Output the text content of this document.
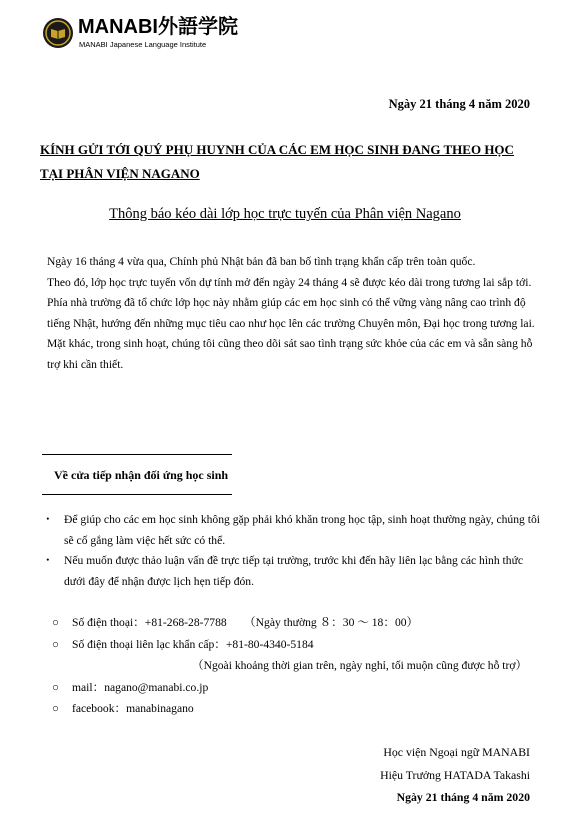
MANABI外語学院
MANABI Japanese Language Institute
Ngày 21 tháng 4 năm 2020
KÍNH GỬI TỚI QUÝ PHỤ HUYNH CỦA CÁC EM HỌC SINH ĐANG THEO HỌC
TẠI PHÂN VIỆN NAGANO
Thông báo kéo dài lớp học trực tuyến của Phân viện Nagano

Ngày 16 tháng 4 vừa qua, Chính phủ Nhật bản đã ban bố tình trạng khẩn cấp trên toàn quốc.

Theo đó, lớp học trực tuyến vốn dự tính mở đến ngày 24 tháng 4 sẽ được kéo dài trong tương lai sắp tới.

Phía nhà trường đã tổ chức lớp học này nhằm giúp các em học sinh có thể vững vàng nâng cao trình độ tiếng Nhật, hướng đến những mục tiêu cao như học lên các trường Chuyên môn, Đại học trong tương lai.

Mặt khác, trong sinh hoạt, chúng tôi cũng theo dõi sát sao tình trạng sức khỏe của các em và sẵn sàng hỗ trợ khi cần thiết.

Về cửa tiếp nhận đối ứng học sinh
・ Để giúp cho các em học sinh không gặp phải khó khăn trong học tập, sinh hoạt thường ngày, chúng tôi sẽ cố gắng làm việc hết sức có thể.
・ Nếu muốn được thảo luận vấn đề trực tiếp tại trường, trước khi đến hãy liên lạc bằng các hình thức dưới đây để nhận được lịch hẹn tiếp đón.
○ Số điện thoại：+81-268-28-7788　　（Ngày thường ８：30 ～ 18：00）
○ Số điện thoại liên lạc khẩn cấp：+81-80-4340-5184
（Ngoài khoảng thời gian trên, ngày nghỉ, tối muộn cũng được hỗ trợ）
○ mail：nagano@manabi.co.jp
○ facebook：manabinagano
Học viện Ngoại ngữ MANABI
Hiệu Trưởng HATADA Takashi
Ngày 21 tháng 4 năm 2020
